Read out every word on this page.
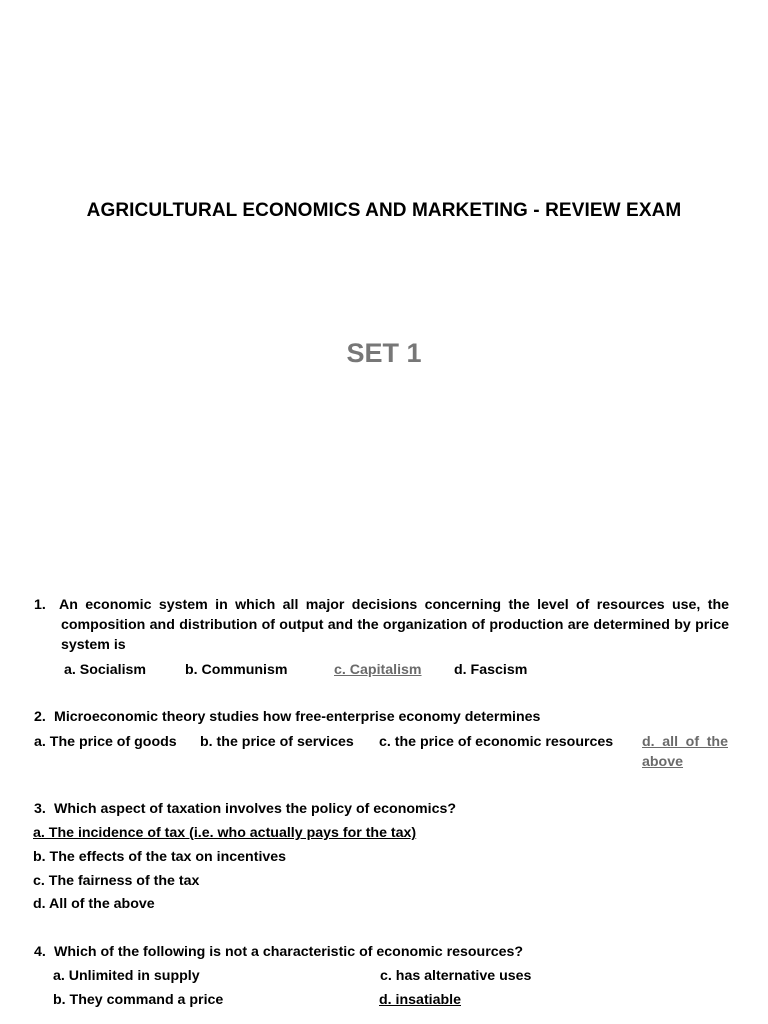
AGRICULTURAL ECONOMICS AND MARKETING - REVIEW EXAM
SET 1
1. An economic system in which all major decisions concerning the level of resources use, the composition and distribution of output and the organization of production are determined by price system is
a. Socialism	b. Communism	c. Capitalism	d. Fascism
2. Microeconomic theory studies how free-enterprise economy determines
a. The price of goods b. the price of services c. the price of economic resources d. all of the above
3. Which aspect of taxation involves the policy of economics?
a. The incidence of tax (i.e. who actually pays for the tax)
b. The effects of the tax on incentives
c. The fairness of the tax
d. All of the above
4. Which of the following is not a characteristic of economic resources?
a. Unlimited in supply	c. has alternative uses
b. They command a price	d. insatiable
